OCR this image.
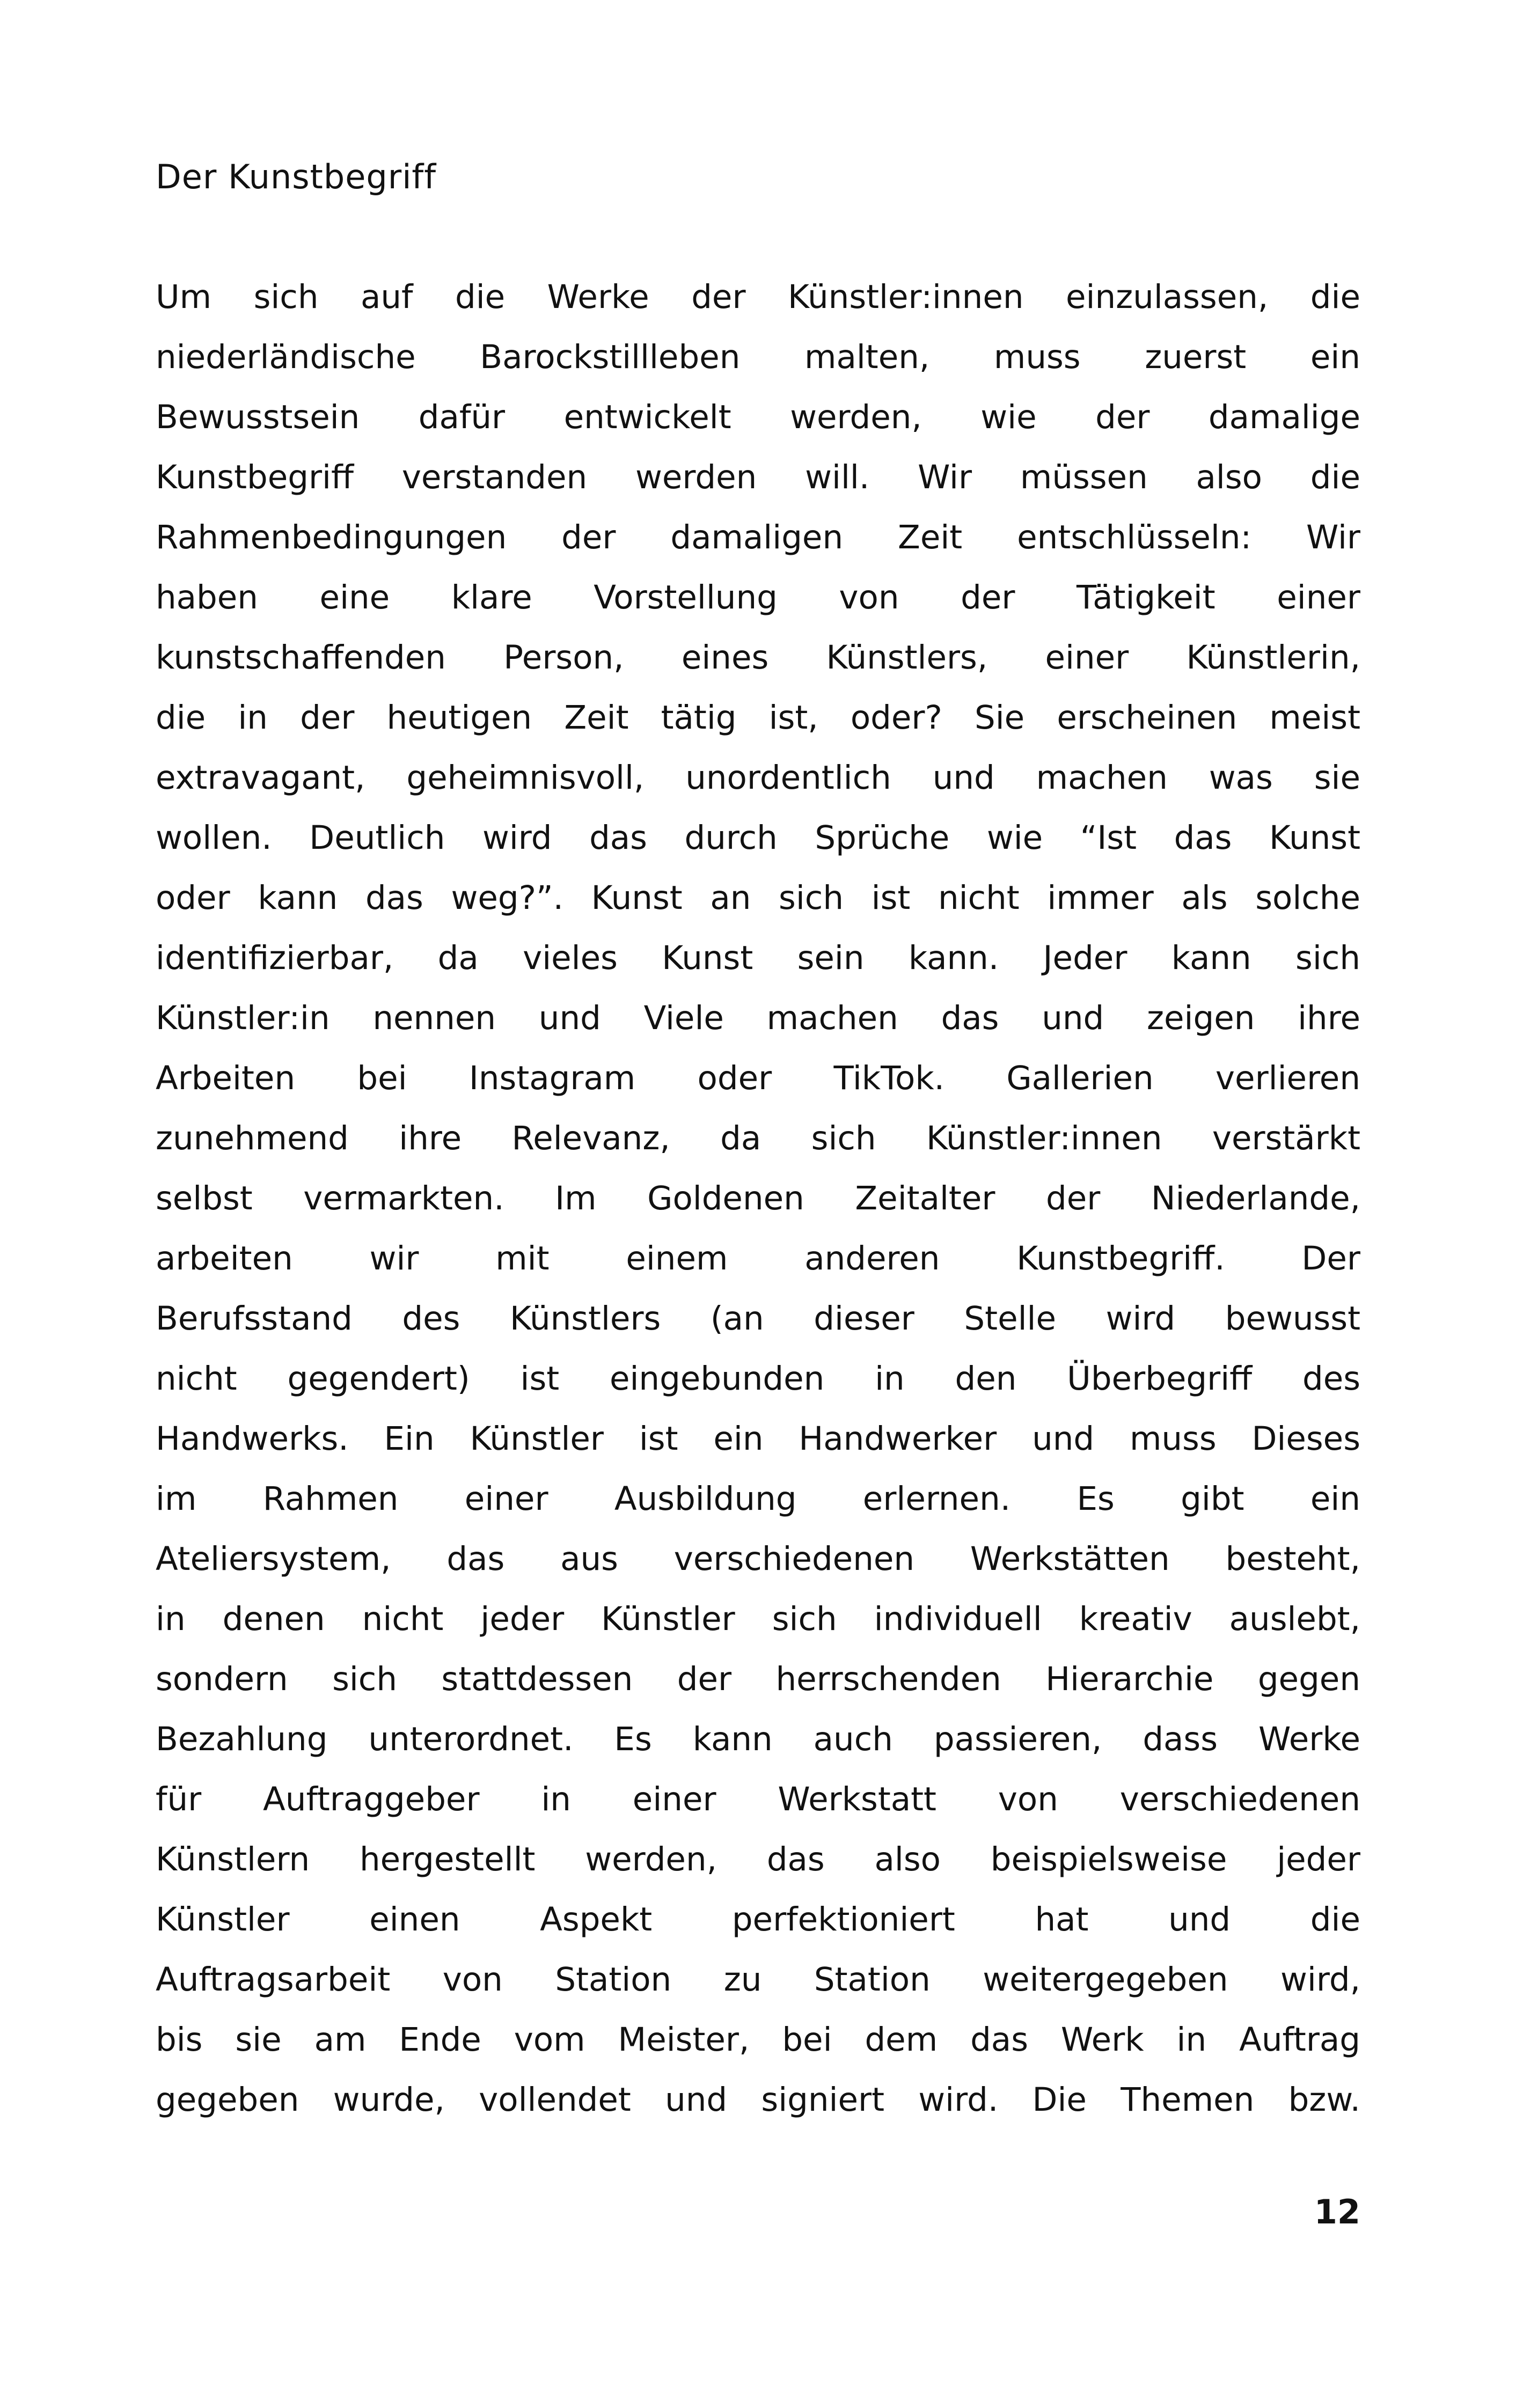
Der Kunstbegriff
Um sich auf die Werke der Künstler:innen einzulassen, die
niederländische Barockstillleben malten, muss zuerst ein
Bewusstsein dafür entwickelt werden, wie der damalige
Kunstbegriff verstanden werden will. Wir müssen also die
Rahmenbedingungen der damaligen Zeit entschlüsseln: Wir
haben eine klare Vorstellung von der Tätigkeit einer
kunstschaffenden Person, eines Künstlers, einer Künstlerin,
die in der heutigen Zeit tätig ist, oder? Sie erscheinen meist
extravagant, geheimnisvoll, unordentlich und machen was sie
wollen. Deutlich wird das durch Sprüche wie “Ist das Kunst
oder kann das weg?”. Kunst an sich ist nicht immer als solche
identifizierbar, da vieles Kunst sein kann. Jeder kann sich
Künstler:in nennen und Viele machen das und zeigen ihre
Arbeiten bei Instagram oder TikTok. Gallerien verlieren
zunehmend ihre Relevanz, da sich Künstler:innen verstärkt
selbst vermarkten. Im Goldenen Zeitalter der Niederlande,
arbeiten wir mit einem anderen Kunstbegriff. Der
Berufsstand des Künstlers (an dieser Stelle wird bewusst
nicht gegendert) ist eingebunden in den Überbegriff des
Handwerks. Ein Künstler ist ein Handwerker und muss Dieses
im Rahmen einer Ausbildung erlernen. Es gibt ein
Ateliersystem, das aus verschiedenen Werkstätten besteht,
in denen nicht jeder Künstler sich individuell kreativ auslebt,
sondern sich stattdessen der herrschenden Hierarchie gegen
Bezahlung unterordnet. Es kann auch passieren, dass Werke
für Auftraggeber in einer Werkstatt von verschiedenen
Künstlern hergestellt werden, das also beispielsweise jeder
Künstler einen Aspekt perfektioniert hat und die
Auftragsarbeit von Station zu Station weitergegeben wird,
bis sie am Ende vom Meister, bei dem das Werk in Auftrag
gegeben wurde, vollendet und signiert wird. Die Themen bzw.
12
